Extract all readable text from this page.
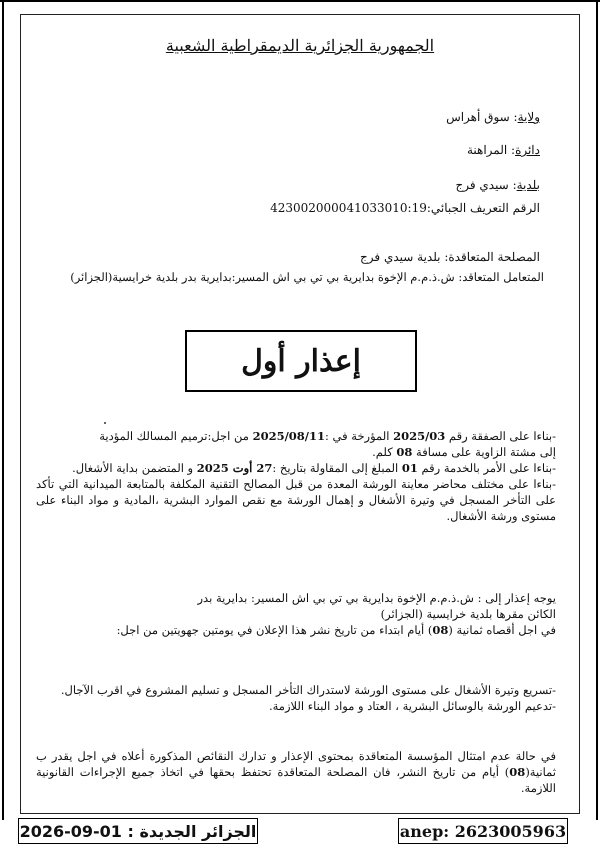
الجمهورية الجزائرية الديمقراطية الشعبية
ولاية: سوق أهراس
دائرة: المراهنة
بلدية: سيدي فرج
الرقم التعريف الجبائي:423002000041033010:19
المصلحة المتعاقدة: بلدية سيدي فرج
المتعامل المتعاقد: ش.ذ.م.م الإخوة بدايرية بي تي بي اش المسير:بدايرية بدر بلدية خرايسية(الجزائر)
إعذار أول

-بناءا على الصفقة رقم 2025/03 المؤرخة في :2025/08/11 من اجل:ترميم المسالك المؤدية

إلى مشتة الزاوية على مسافة 08 كلم.

-بناءا على الأمر بالخدمة رقم 01 المبلغ إلى المقاولة بتاريخ :27 أوت 2025 و المتضمن بداية الأشغال.

-بناءا على مختلف محاضر معاينة الورشة المعدة من قبل المصالح التقنية المكلفة بالمتابعة الميدانية التي تأكد على التأخر المسجل في وتيرة الأشغال و إهمال الورشة مع نقص الموارد البشرية ،المادية و مواد البناء على مستوى ورشة الأشغال.

يوجه إعذار إلى : ش.ذ.م.م الإخوة بدايرية بي تي بي اش المسير: بدايرية بدر

الكائن مقرها بلدية خرايسية (الجزائر)

في اجل أقصاه ثمانية (08) أيام ابتداء من تاريخ نشر هذا الإعلان في يومتين جهويتين من اجل:

-تسريع وتيرة الأشغال على مستوى الورشة لاستدراك التأخر المسجل و تسليم المشروع في اقرب الآجال.

-تدعيم الورشة بالوسائل البشرية ، العتاد و مواد البناء اللازمة.

في حالة عدم امتثال المؤسسة المتعاقدة بمحتوى الإعذار و تدارك النقائص المذكورة أعلاه في اجل يقدر ب ثمانية(08) أيام من تاريخ النشر، فان المصلحة المتعاقدة تحتفظ بحقها في اتخاذ جميع الإجراءات القانونية اللازمة.

الجزائر الجديدة : 01-09-2026	anep: 2623005963
